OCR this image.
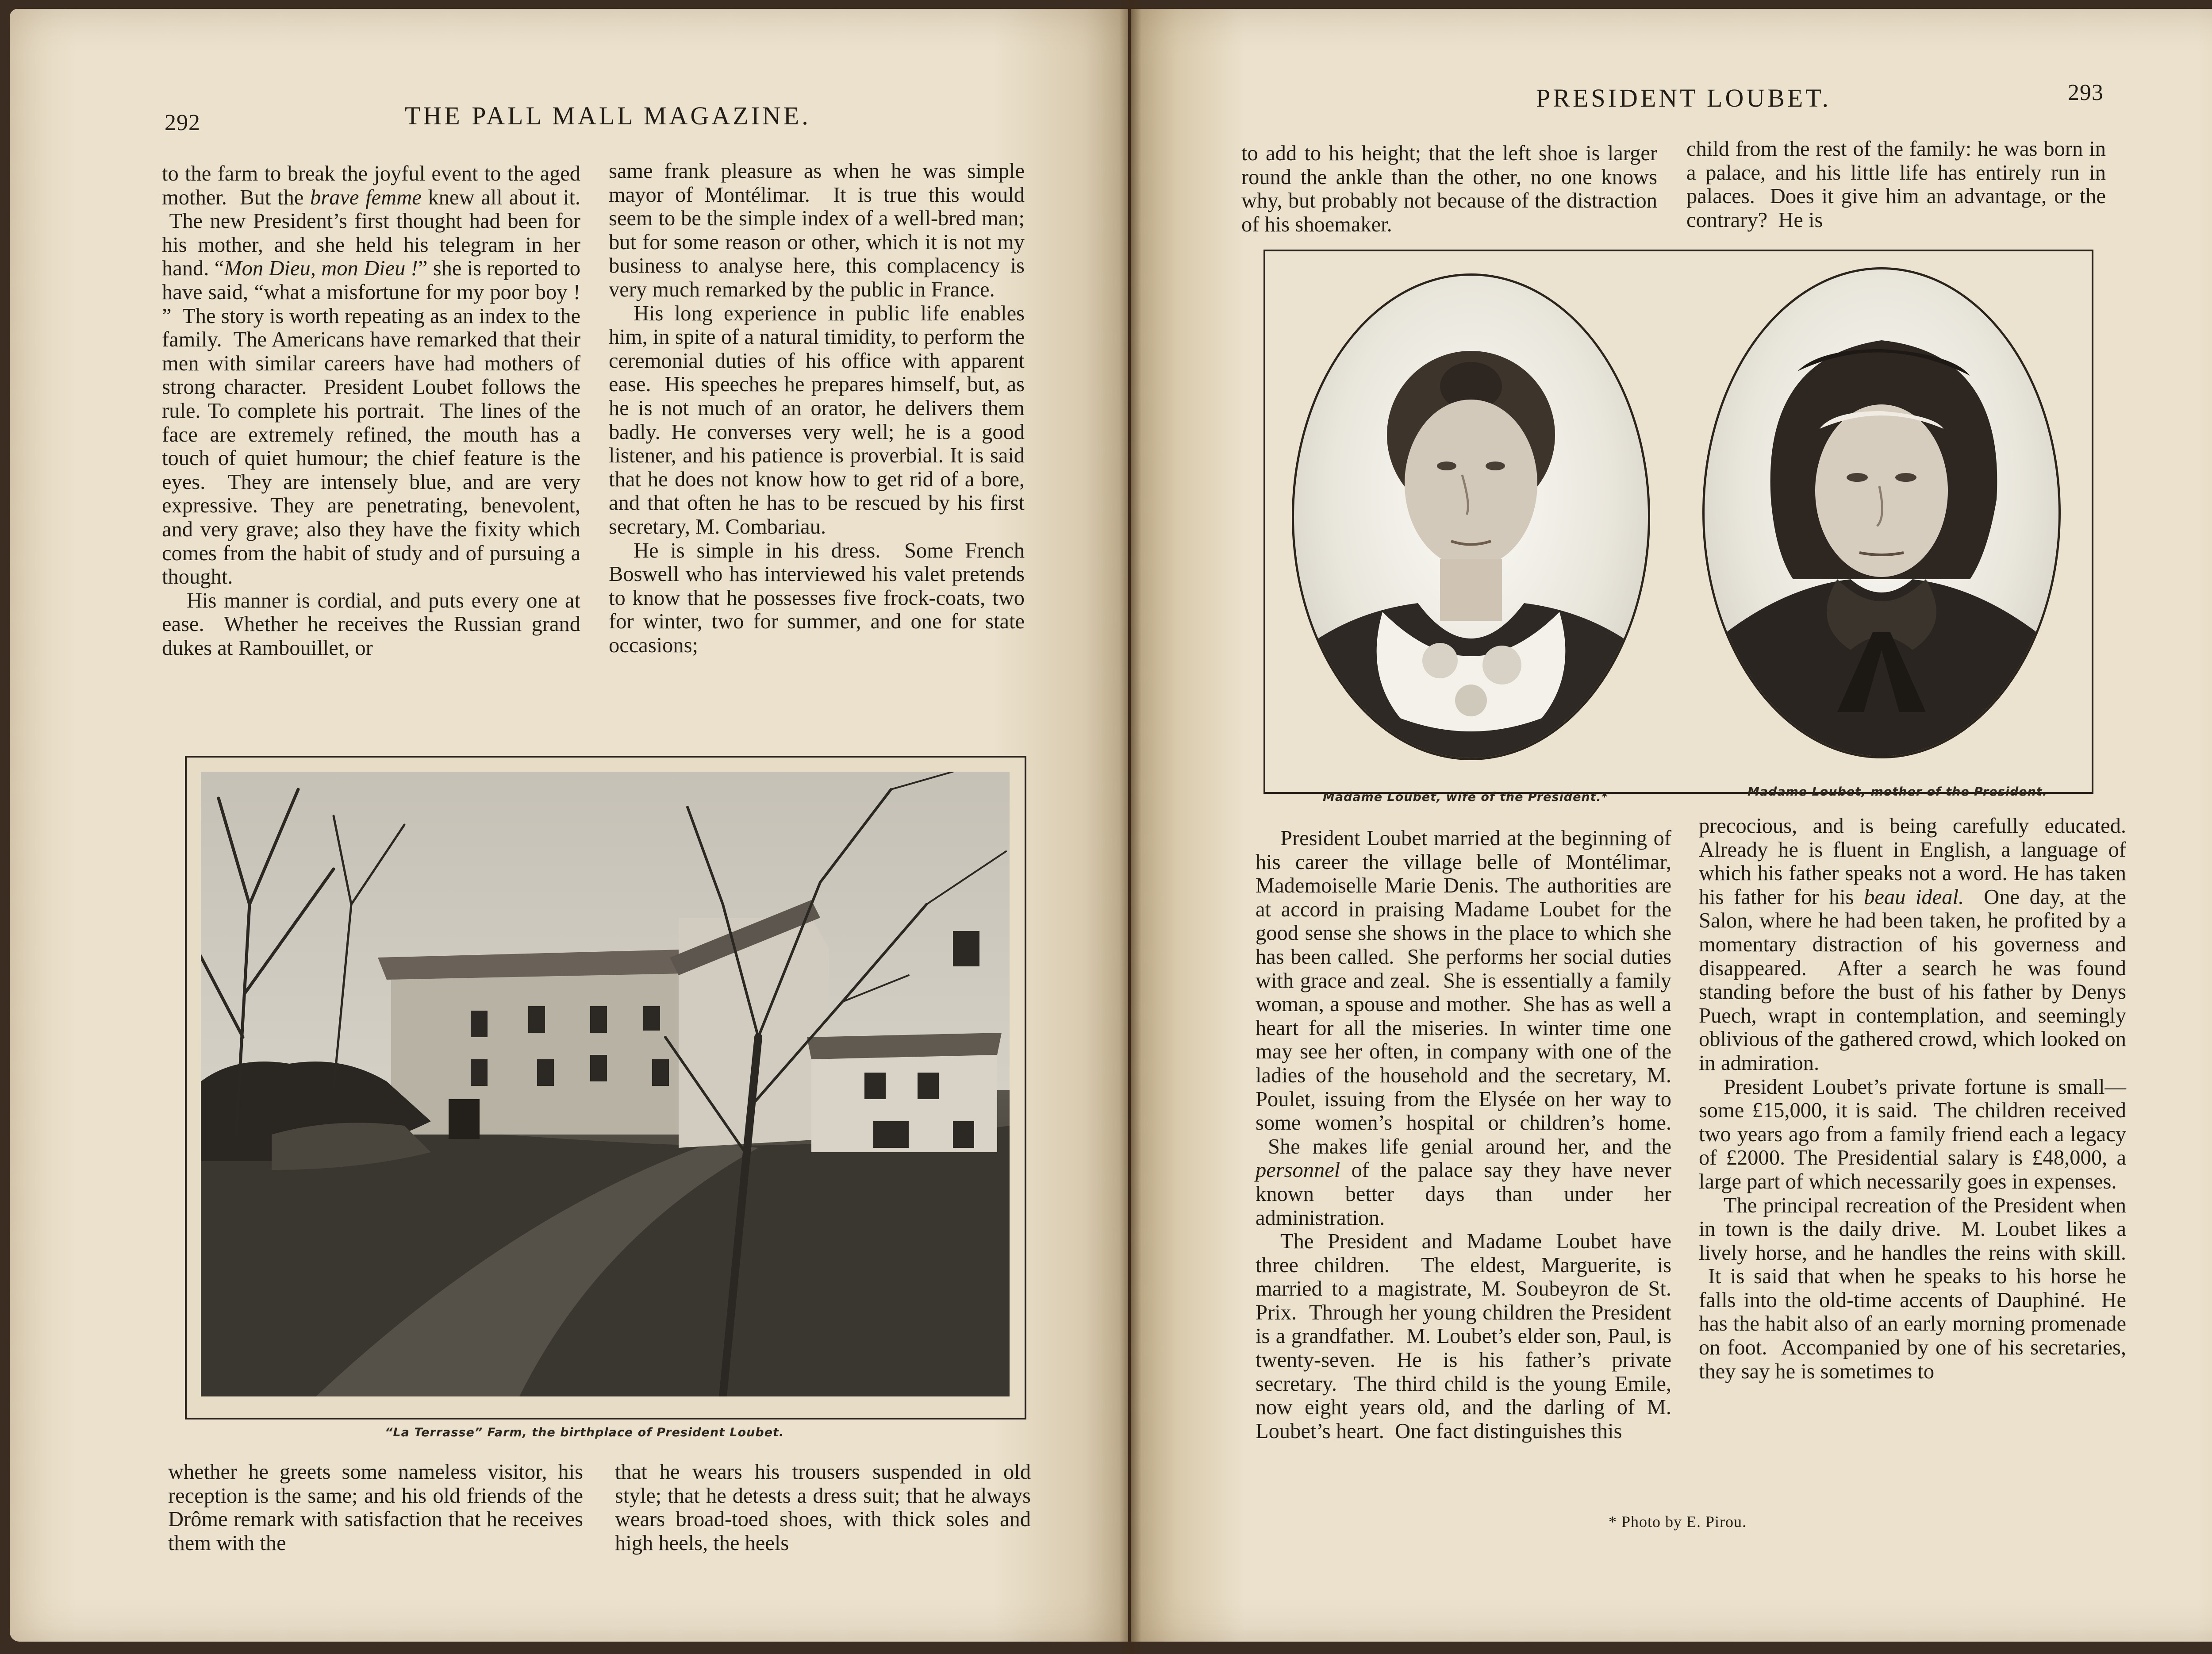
292	THE PALL MALL MAGAZINE.

to the farm to break the joyful event to the aged mother.  But the brave femme knew all about it.  The new President’s first thought had been for his mother, and she held his telegram in her hand. “Mon Dieu, mon Dieu !” she is reported to have said, “what a misfortune for my poor boy ! ”  The story is worth repeating as an index to the family.  The Americans have remarked that their men with similar careers have had mothers of strong character.  President Loubet follows the rule. To complete his portrait.  The lines of the face are extremely refined, the mouth has a touch of quiet humour; the chief feature is the eyes.  They are intensely blue, and are very expressive. They are penetrating, benevolent, and very grave; also they have the fixity which comes from the habit of study and of pursuing a thought.

His manner is cordial, and puts every one at ease.  Whether he receives the Russian grand dukes at Rambouillet, or

same frank pleasure as when he was simple mayor of Montélimar.  It is true this would seem to be the simple index of a well-bred man; but for some reason or other, which it is not my business to analyse here, this complacency is very much remarked by the public in France.

His long experience in public life enables him, in spite of a natural timidity, to perform the ceremonial duties of his office with apparent ease.  His speeches he prepares himself, but, as he is not much of an orator, he delivers them badly. He converses very well; he is a good listener, and his patience is proverbial. It is said that he does not know how to get rid of a bore, and that often he has to be rescued by his first secretary, M. Combariau.

He is simple in his dress.  Some French Boswell who has interviewed his valet pretends to know that he possesses five frock-coats, two for winter, two for summer, and one for state occasions;

“La Terrasse” Farm, the birthplace of President Loubet.

whether he greets some nameless visitor, his reception is the same; and his old friends of the Drôme remark with satisfaction that he receives them with the

that he wears his trousers suspended in old style; that he detests a dress suit; that he always wears broad-toed shoes, with thick soles and high heels, the heels

PRESIDENT LOUBET.	293

to add to his height; that the left shoe is larger round the ankle than the other, no one knows why, but probably not because of the distraction of his shoemaker.

child from the rest of the family: he was born in a palace, and his little life has entirely run in palaces.  Does it give him an advantage, or the contrary?  He is

Madame Loubet, wife of the President.*	Madame Loubet, mother of the President.

President Loubet married at the beginning of his career the village belle of Montélimar, Mademoiselle Marie Denis. The authorities are at accord in praising Madame Loubet for the good sense she shows in the place to which she has been called.  She performs her social duties with grace and zeal.  She is essentially a family woman, a spouse and mother.  She has as well a heart for all the miseries. In winter time one may see her often, in company with one of the ladies of the household and the secretary, M. Poulet, issuing from the Elysée on her way to some women’s hospital or children’s home.  She makes life genial around her, and the personnel of the palace say they have never known better days than under her administration.

The President and Madame Loubet have three children.  The eldest, Marguerite, is married to a magistrate, M. Soubeyron de St. Prix.  Through her young children the President is a grandfather.  M. Loubet’s elder son, Paul, is twenty-seven. He is his father’s private secretary.  The third child is the young Emile, now eight years old, and the darling of M. Loubet’s heart.  One fact distinguishes this

precocious, and is being carefully educated. Already he is fluent in English, a language of which his father speaks not a word. He has taken his father for his beau ideal.  One day, at the Salon, where he had been taken, he profited by a momentary distraction of his governess and disappeared.  After a search he was found standing before the bust of his father by Denys Puech, wrapt in contemplation, and seemingly oblivious of the gathered crowd, which looked on in admiration.

President Loubet’s private fortune is small—some £15,000, it is said.  The children received two years ago from a family friend each a legacy of £2000. The Presidential salary is £48,000, a large part of which necessarily goes in expenses.

The principal recreation of the President when in town is the daily drive.  M. Loubet likes a lively horse, and he handles the reins with skill.  It is said that when he speaks to his horse he falls into the old-time accents of Dauphiné.  He has the habit also of an early morning promenade on foot.  Accompanied by one of his secretaries, they say he is sometimes to

* Photo by E. Pirou.
